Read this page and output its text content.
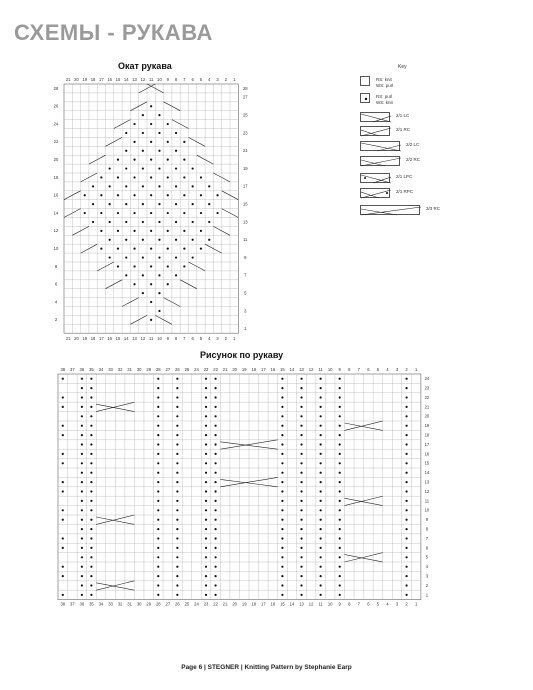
СХЕМЫ - РУКАВА
Окат рукава
Рисунок по рукаву
21 20 19 18 17 16 15 14 13 12 11 10 9 8 7 6 5 4 3 2 1
21 20 19 18 17 16 15 14 13 12 11 10 9 8 7 6 5 4 3 2 1
28
26
24
22
20
18
16
14
12
10
8
6
4
2
28
27
25
23
21
19
17
15
13
11
9
7
5
3
1
38 37 36 35 34 33 32 31 30 29 28 27 26 25 24 23 22 21 20 19 18 17 16 15 14 13 12 11 10 9 8 7 6 5 4 3 2 1
38 37 36 35 34 33 32 31 30 29 28 27 26 25 24 23 22 21 20 19 18 17 16 15 14 13 12 11 10 9 8 7 6 5 4 3 2 1
24
23
22
21
20
19
18
17
16
15
14
13
12
11
10
9
8
7
6
5
4
3
2
1
Key
RS: knit
WS: purl
RS: purl
WS: knit
2/1 LC
2/1 RC
2/2 LC
2/2 RC
2/1 LPC
2/1 RPC
3/3 RC
Page 6 | STEGNER | Knitting Pattern by Stephanie Earp
